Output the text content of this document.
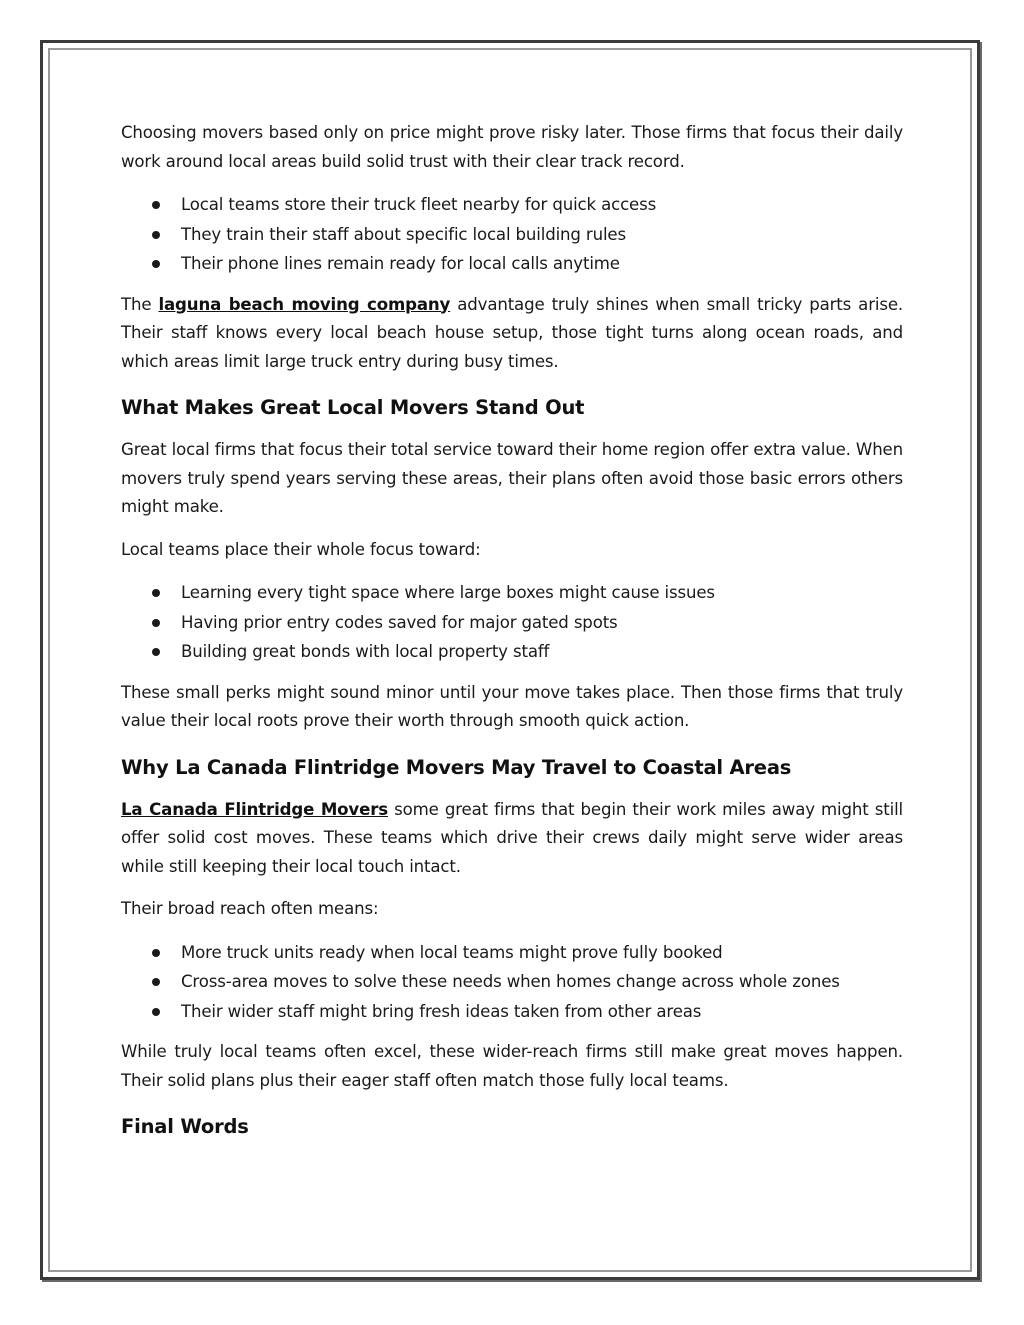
Choosing movers based only on price might prove risky later. Those firms that focus their daily work around local areas build solid trust with their clear track record.

Local teams store their truck fleet nearby for quick access
They train their staff about specific local building rules
Their phone lines remain ready for local calls anytime

The laguna beach moving company advantage truly shines when small tricky parts arise. Their staff knows every local beach house setup, those tight turns along ocean roads, and which areas limit large truck entry during busy times.

What Makes Great Local Movers Stand Out

Great local firms that focus their total service toward their home region offer extra value. When movers truly spend years serving these areas, their plans often avoid those basic errors others might make.

Local teams place their whole focus toward:

Learning every tight space where large boxes might cause issues
Having prior entry codes saved for major gated spots
Building great bonds with local property staff

These small perks might sound minor until your move takes place. Then those firms that truly value their local roots prove their worth through smooth quick action.

Why La Canada Flintridge Movers May Travel to Coastal Areas

La Canada Flintridge Movers some great firms that begin their work miles away might still offer solid cost moves. These teams which drive their crews daily might serve wider areas while still keeping their local touch intact.

Their broad reach often means:

More truck units ready when local teams might prove fully booked
Cross-area moves to solve these needs when homes change across whole zones
Their wider staff might bring fresh ideas taken from other areas

While truly local teams often excel, these wider-reach firms still make great moves happen. Their solid plans plus their eager staff often match those fully local teams.

Final Words
